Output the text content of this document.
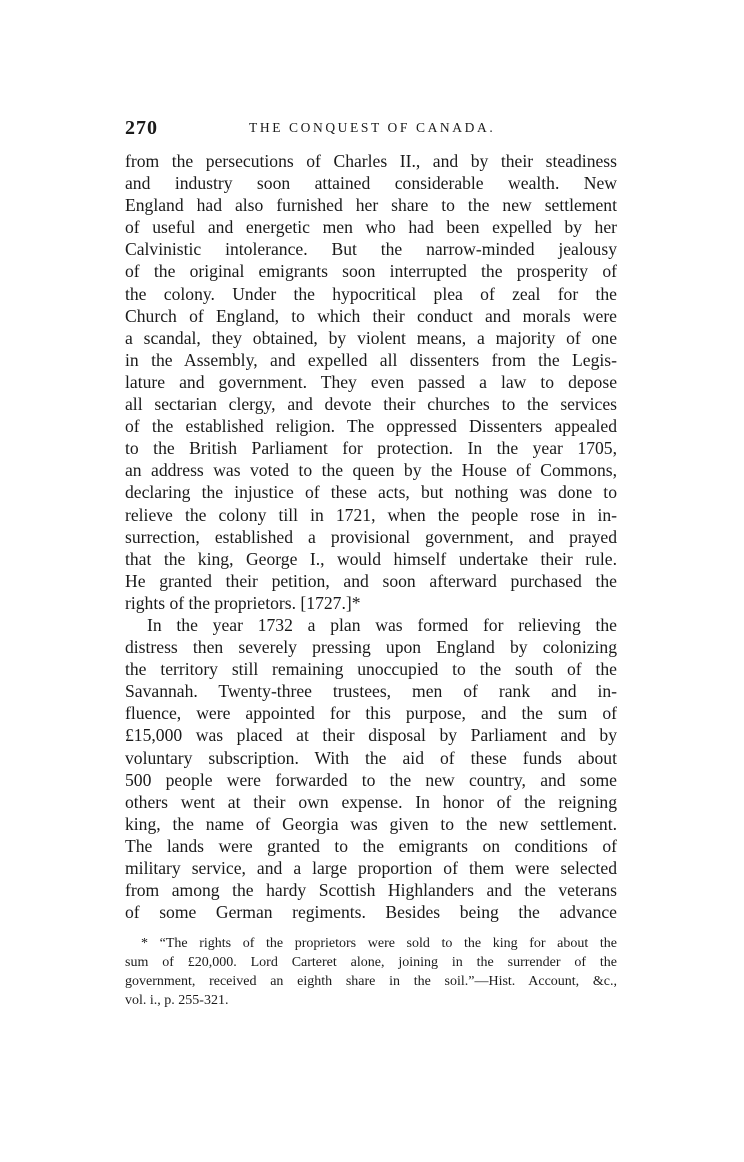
270	THE CONQUEST OF CANADA.
from the persecutions of Charles II., and by their steadiness
and industry soon attained considerable wealth. New
England had also furnished her share to the new settlement
of useful and energetic men who had been expelled by her
Calvinistic intolerance. But the narrow-minded jealousy
of the original emigrants soon interrupted the prosperity of
the colony. Under the hypocritical plea of zeal for the
Church of England, to which their conduct and morals were
a scandal, they obtained, by violent means, a majority of one
in the Assembly, and expelled all dissenters from the Legis-
lature and government. They even passed a law to depose
all sectarian clergy, and devote their churches to the services
of the established religion. The oppressed Dissenters appealed
to the British Parliament for protection. In the year 1705,
an address was voted to the queen by the House of Commons,
declaring the injustice of these acts, but nothing was done to
relieve the colony till in 1721, when the people rose in in-
surrection, established a provisional government, and prayed
that the king, George I., would himself undertake their rule.
He granted their petition, and soon afterward purchased the
rights of the proprietors. [1727.]*
In the year 1732 a plan was formed for relieving the
distress then severely pressing upon England by colonizing
the territory still remaining unoccupied to the south of the
Savannah. Twenty-three trustees, men of rank and in-
fluence, were appointed for this purpose, and the sum of
£15,000 was placed at their disposal by Parliament and by
voluntary subscription. With the aid of these funds about
500 people were forwarded to the new country, and some
others went at their own expense. In honor of the reigning
king, the name of Georgia was given to the new settlement.
The lands were granted to the emigrants on conditions of
military service, and a large proportion of them were selected
from among the hardy Scottish Highlanders and the veterans
of some German regiments. Besides being the advance
* “The rights of the proprietors were sold to the king for about the
sum of £20,000. Lord Carteret alone, joining in the surrender of the
government, received an eighth share in the soil.”—Hist. Account, &c.,
vol. i., p. 255-321.
